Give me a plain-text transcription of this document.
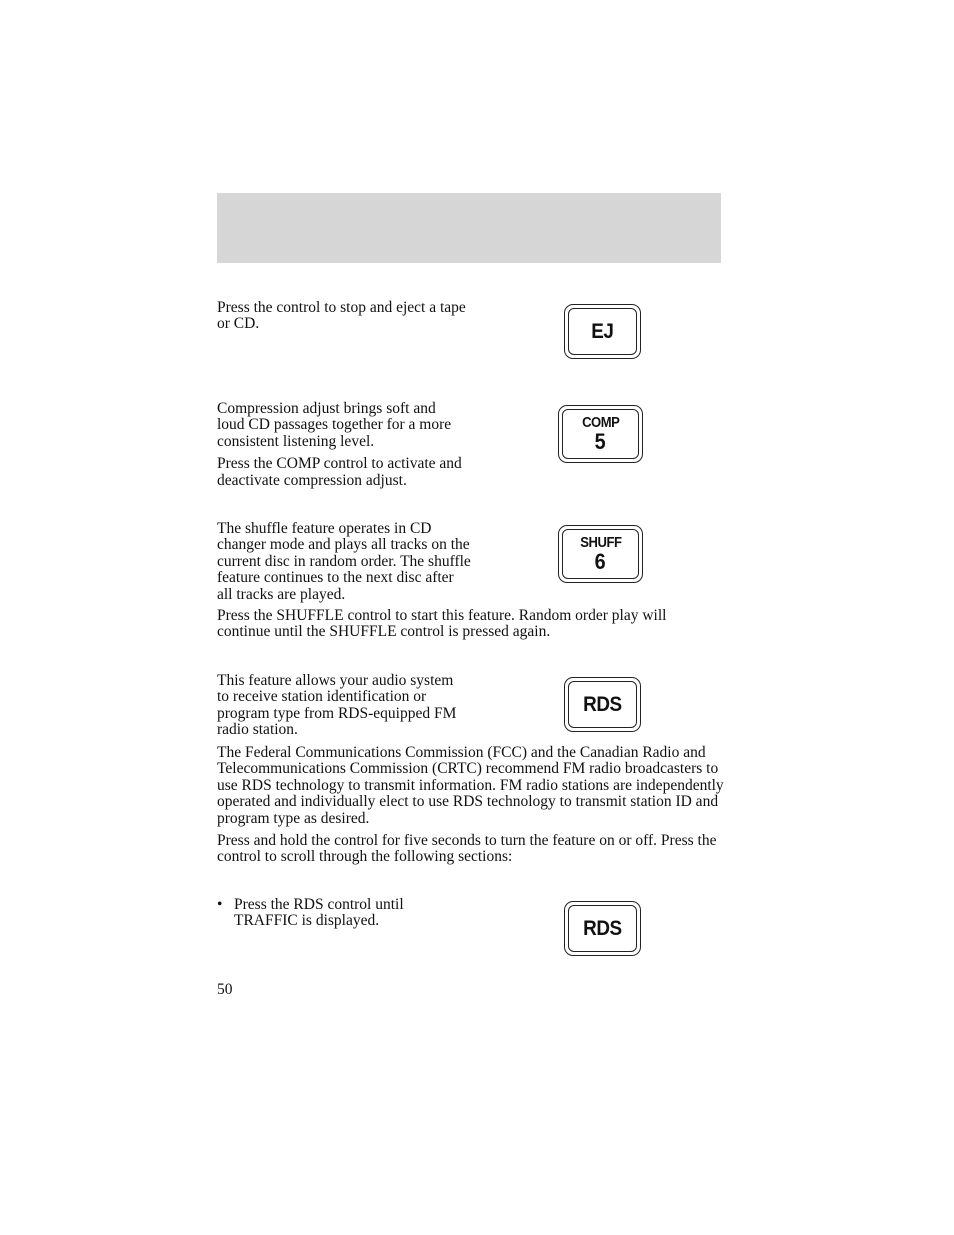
Press the control to stop and eject a tape or CD.	EJ

Compression adjust brings soft and loud CD passages together for a more consistent listening level.

Press the COMP control to activate and deactivate compression adjust.

COMP
5

The shuffle feature operates in CD changer mode and plays all tracks on the current disc in random order. The shuffle feature continues to the next disc after all tracks are played.

Press the SHUFFLE control to start this feature. Random order play will continue until the SHUFFLE control is pressed again.

SHUFF
6

This feature allows your audio system to receive station identification or program type from RDS-equipped FM radio station.

The Federal Communications Commission (FCC) and the Canadian Radio and Telecommunications Commission (CRTC) recommend FM radio broadcasters to use RDS technology to transmit information. FM radio stations are independently operated and individually elect to use RDS technology to transmit station ID and program type as desired.

Press and hold the control for five seconds to turn the feature on or off. Press the control to scroll through the following sections:

RDS
• Press the RDS control until TRAFFIC is displayed.	RDS
50
